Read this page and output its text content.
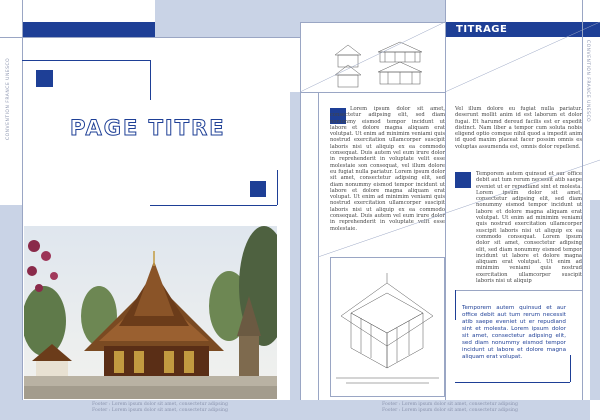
CONVENTION FRANCE UNESCO	PAGE TITRE
Footer : Lorem ipsum dolor sit amet, consectetur adipsing
Footer : Lorem ipsum dolor sit amet, consectetur adipsing
TITRAGE
CONVENTION FRANCE UNESCO
Lorem ipsum dolor sit amet, consectetur adipsing elit, sed diam nonummy eismod tempor incidunt ut labore et dolore magna aliquam erat volutpat. Ut enim ad minimim veniami quis nostrud exercitation ullamcorper suscipit laboris nisi ut aliquip ex ea commodo consequat. Duis autem vel eum irure dolor in reprehenderit in voluptate velit esse molestaie son consequat, vel illum dolore eu fugiat nulla pariatur. Lorem ipsum dolor sit amet, consectetur adipsing elit, sed diam nonummy eismod tempor incidunt ut labore et dolore magna aliquam erat volupat. Ut enim ad minimim veniami quis nostrud exercitation ullamcorper suscipit laboris nisi ut aliquip ex ea commodo consequat. Duis autem vel eum irure dolor in reprehenderit in voluptate velit esse molestaie.
Vel illum dolore eu fugiat nulla pariatur. deserunt mollit anim id est laborum et dolor fugai. Et harumd dereud facilis est er expedit distinct. Nam liber a tempor cum soluta nobis eligend optio comque nihil quod a impedit anim id quod maxim placeat facer possim omnis es voluptas assumenda est, omnis dolor repellend.
Temporem autem quinsud et aur office debit aut tum rerum necessit atib saepe eveniet ut er repudiand sint et molesta. Lorem ipsum dolor sit amet, consectetur adipsing elit, sed diam nonummy eismod tempor incidunt ut labore et dolore magna aliquam erat volutpat. Ut enim ad minimim veniami quis nostrud exercitation ullamcorper suscipit laboris nisi ut aliquip ex ea commodo consequat. Lorem ipsum dolor sit amet, consectetur adipsing elit, sed diam nonummy eismod tempor incidunt ut labore et dolore magna aliquam erat volutpat. Ut enim ad minimim veniami quis nostrud exercitation ullamcorper suscipit laboris nisi ut aliquip
Temporem autem quinsud et aur office debit aut tum rerum necessit atib saepe eveniet ut er repudiand sint et molesta. Lorem ipsum dolor sit amet, consectetur adipsing elit, sed diam nonummy eismod tempor incidunt ut labore et dolore magna aliquam erat volupat.
Footer : Lorem ipsum dolor sit amet, consectetur adipsing
Footer : Lorem ipsum dolor sit amet, consectetur adipsing
